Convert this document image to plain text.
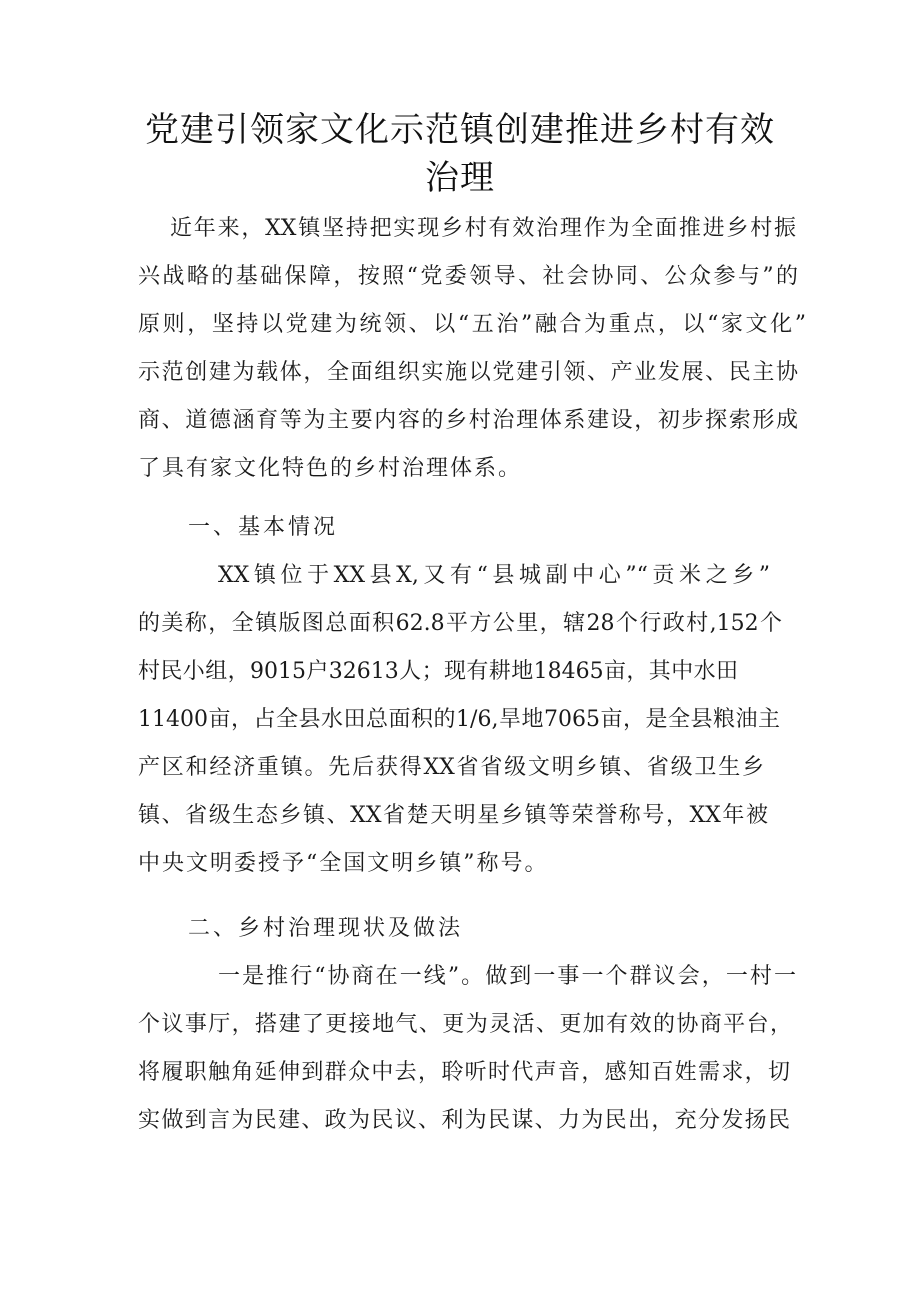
党建引领家文化示范镇创建推进乡村有效
治理

近年来，XX镇坚持把实现乡村有效治理作为全面推进乡村振

兴战略的基础保障，按照“党委领导、社会协同、公众参与”的

原则，坚持以党建为统领、以“五治”融合为重点，以“家文化”

示范创建为载体，全面组织实施以党建引领、产业发展、民主协

商、道德涵育等为主要内容的乡村治理体系建设，初步探索形成

了具有家文化特色的乡村治理体系。

一、基本情况

XX镇位于XX县X,又有“县城副中心”“贡米之乡”

的美称，全镇版图总面积62.8平方公里，辖28个行政村,152个

村民小组，9015户32613人；现有耕地18465亩，其中水田

11400亩，占全县水田总面积的1/6,旱地7065亩，是全县粮油主

产区和经济重镇。先后获得XX省省级文明乡镇、省级卫生乡

镇、省级生态乡镇、XX省楚天明星乡镇等荣誉称号，XX年被

中央文明委授予“全国文明乡镇”称号。

二、乡村治理现状及做法

一是推行“协商在一线”。做到一事一个群议会，一村一

个议事厅，搭建了更接地气、更为灵活、更加有效的协商平台，

将履职触角延伸到群众中去，聆听时代声音，感知百姓需求，切

实做到言为民建、政为民议、利为民谋、力为民出，充分发扬民
